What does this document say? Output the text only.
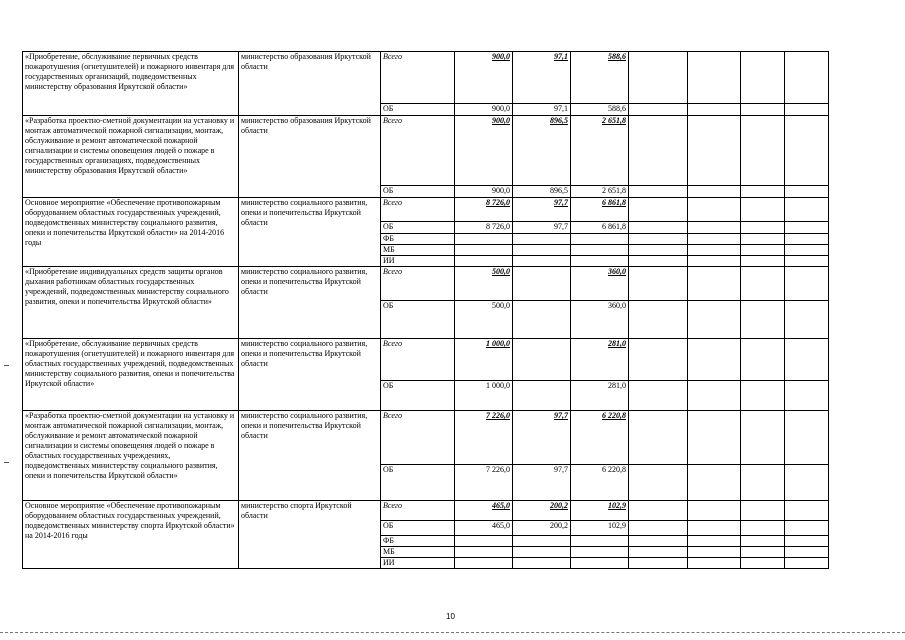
«Приобретение, обслуживание первичных средств пожаротушения (огнетушителей) и пожарного инвентаря для государственных организаций, подведомственных министерству образования Иркутской области»	министерство образования Иркутской области	Всего	900,0	97,1	588,6				
		ОБ	900,0	97,1	588,6				
«Разработка проектно-сметной документации на установку и монтаж автоматической пожарной сигнализации, монтаж, обслуживание и ремонт автоматической пожарной сигнализации и системы оповещения людей о пожаре в государственных организациях, подведомственных министерству образования Иркутской области»	министерство образования Иркутской области	Всего	900,0	896,5	2 651,8				
		ОБ	900,0	896,5	2 651,8				
Основное мероприятие «Обеспечение противопожарным оборудованием областных государственных учреждений, подведомственных министерству социального развития, опеки и попечительства Иркутской области» на 2014-2016 годы	министерство социального развития, опеки и попечительства Иркутской области	Всего	8 726,0	97,7	6 861,8				
		ОБ	8 726,0	97,7	6 861,8				
		ФБ							
		МБ							
		ИИ							
«Приобретение индивидуальных средств защиты органов дыхания работникам областных государственных учреждений, подведомственных министерству социального развития, опеки и попечительства Иркутской области»	министерство социального развития, опеки и попечительства Иркутской области	Всего	500,0		360,0				
		ОБ	500,0		360,0				
«Приобретение, обслуживание первичных средств пожаротушения (огнетушителей) и пожарного инвентаря для областных государственных учреждений, подведомственных министерству социального развития, опеки и попечительства Иркутской области»	министерство социального развития, опеки и попечительства Иркутской области	Всего	1 000,0		281,0				
		ОБ	1 000,0		281,0				
«Разработка проектно-сметной документации на установку и монтаж автоматической пожарной сигнализации, монтаж, обслуживание и ремонт автоматической пожарной сигнализации и системы оповещения людей о пожаре в областных государственных учреждениях, подведомственных министерству социального развития, опеки и попечительства Иркутской области»	министерство социального развития, опеки и попечительства Иркутской области	Всего	7 226,0	97,7	6 220,8				
		ОБ	7 226,0	97,7	6 220,8				
Основное мероприятие «Обеспечение противопожарным оборудованием областных государственных учреждений, подведомственных министерству спорта Иркутской области» на 2014-2016 годы	министерство спорта Иркутской области	Всего	465,0	200,2	102,9				
		ОБ	465,0	200,2	102,9				
		ФБ							
		МБ							
		ИИ							
10
